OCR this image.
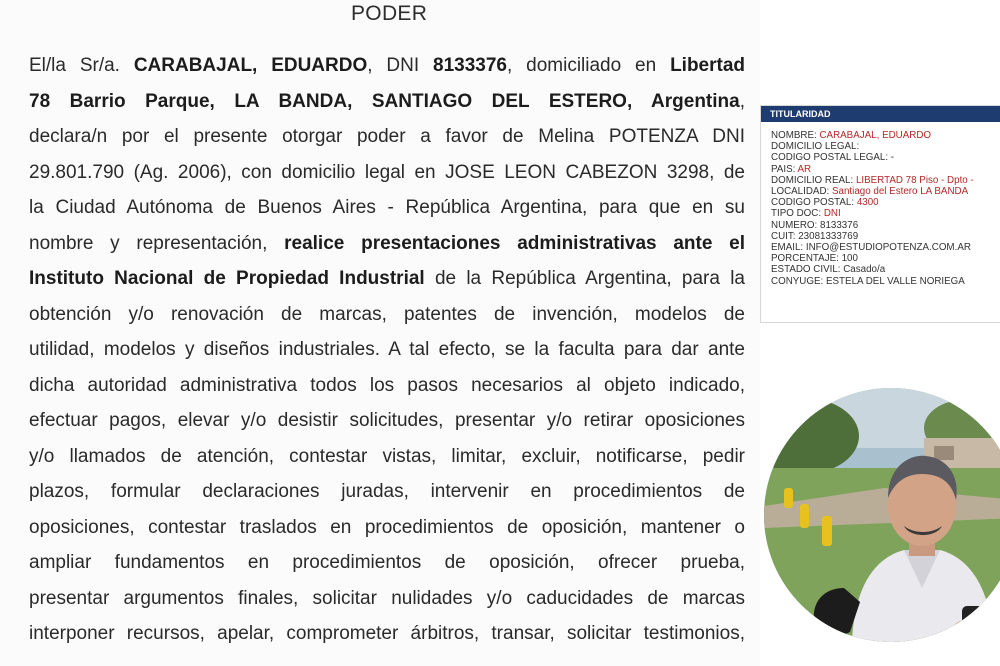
PODER
El/la Sr/a. CARABAJAL, EDUARDO, DNI 8133376, domiciliado en Libertad
78 Barrio Parque, LA BANDA, SANTIAGO DEL ESTERO, Argentina,
declara/n por el presente otorgar poder a favor de Melina POTENZA DNI
29.801.790 (Ag. 2006), con domicilio legal en JOSE LEON CABEZON 3298, de
la Ciudad Autónoma de Buenos Aires - República Argentina, para que en su
nombre y representación, realice presentaciones administrativas ante el
Instituto Nacional de Propiedad Industrial de la República Argentina, para la
obtención y/o renovación de marcas, patentes de invención, modelos de
utilidad, modelos y diseños industriales. A tal efecto, se la faculta para dar ante
dicha autoridad administrativa todos los pasos necesarios al objeto indicado,
efectuar pagos, elevar y/o desistir solicitudes, presentar y/o retirar oposiciones
y/o llamados de atención, contestar vistas, limitar, excluir, notificarse, pedir
plazos, formular declaraciones juradas, intervenir en procedimientos de
oposiciones, contestar traslados en procedimientos de oposición, mantener o
ampliar fundamentos en procedimientos de oposición, ofrecer prueba,
presentar argumentos finales, solicitar nulidades y/o caducidades de marcas
interponer recursos, apelar, comprometer árbitros, transar, solicitar testimonios,
TITULARIDAD
NOMBRE: CARABAJAL, EDUARDO
DOMICILIO LEGAL:
CODIGO POSTAL LEGAL: -
PAIS: AR
DOMICILIO REAL: LIBERTAD 78 Piso - Dpto -
LOCALIDAD: Santiago del Estero LA BANDA
CODIGO POSTAL: 4300
TIPO DOC: DNI
NUMERO: 8133376
CUIT: 23081333769
EMAIL: INFO@ESTUDIOPOTENZA.COM.AR
PORCENTAJE: 100
ESTADO CIVIL: Casado/a
CONYUGE: ESTELA DEL VALLE NORIEGA
